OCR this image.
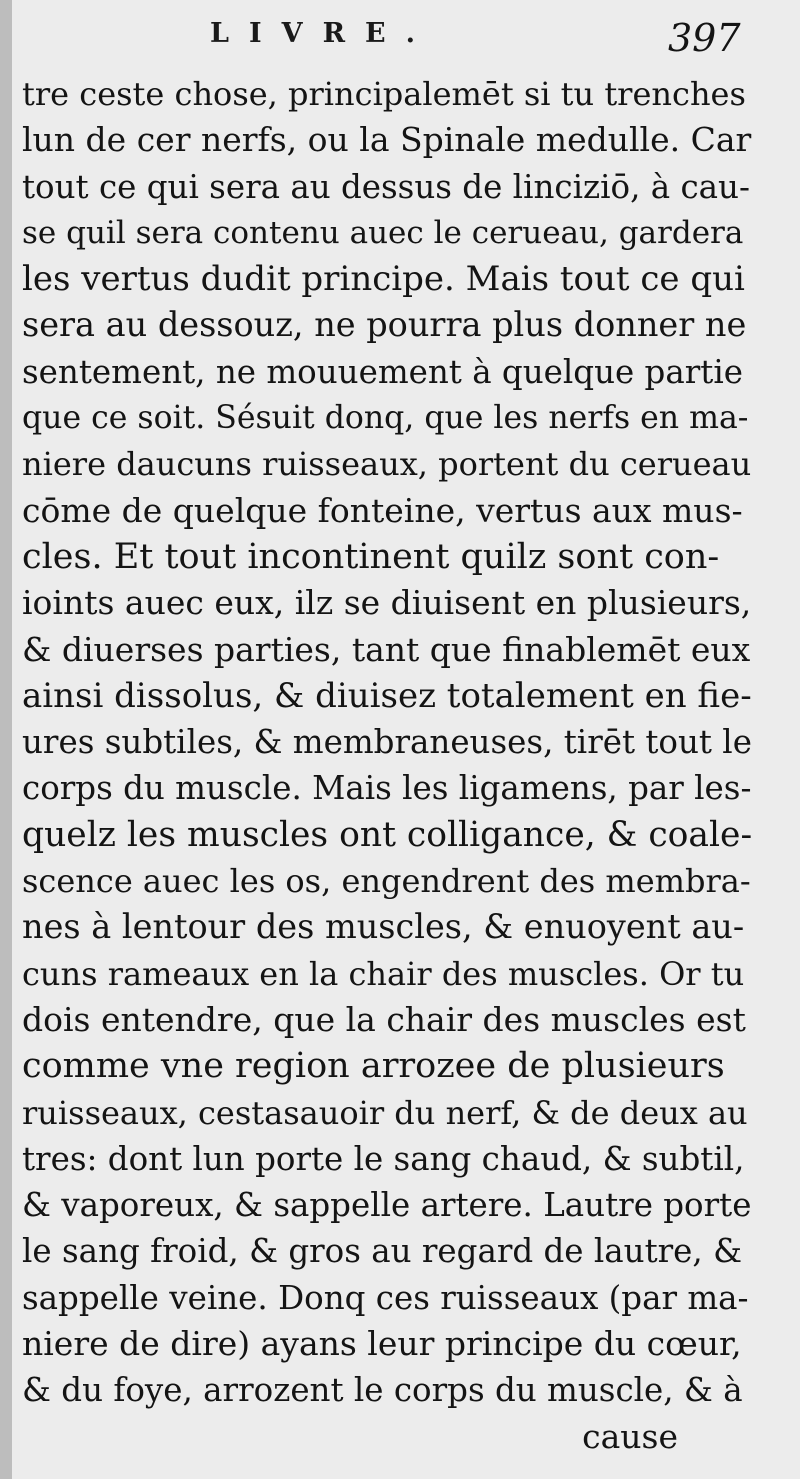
LIVRE.	397
tre ceste chose, principalemēt si tu trenches
lun de cer nerfs, ou la Spinale medulle. Car
tout ce qui sera au dessus de linciziō, à cau-
se quil sera contenu auec le cerueau, gardera
les vertus dudit principe. Mais tout ce qui
sera au dessouz, ne pourra plus donner ne
sentement, ne mouuement à quelque partie
que ce soit. Sésuit donq, que les nerfs en ma-
niere daucuns ruisseaux, portent du cerueau
cōme de quelque fonteine, vertus aux mus-
cles. Et tout incontinent quilz sont con-
ioints auec eux, ilz se diuisent en plusieurs,
& diuerses parties, tant que finablemēt eux
ainsi dissolus, & diuisez totalement en fie-
ures subtiles, & membraneuses, tirēt tout le
corps du muscle. Mais les ligamens, par les-
quelz les muscles ont colligance, & coale-
scence auec les os, engendrent des membra-
nes à lentour des muscles, & enuoyent au-
cuns rameaux en la chair des muscles. Or tu
dois entendre, que la chair des muscles est
comme vne region arrozee de plusieurs
ruisseaux, cestasauoir du nerf, & de deux au
tres: dont lun porte le sang chaud, & subtil,
& vaporeux, & sappelle artere. Lautre porte
le sang froid, & gros au regard de lautre, &
sappelle veine. Donq ces ruisseaux (par ma-
niere de dire) ayans leur principe du cœur,
& du foye, arrozent le corps du muscle, & à
cause
